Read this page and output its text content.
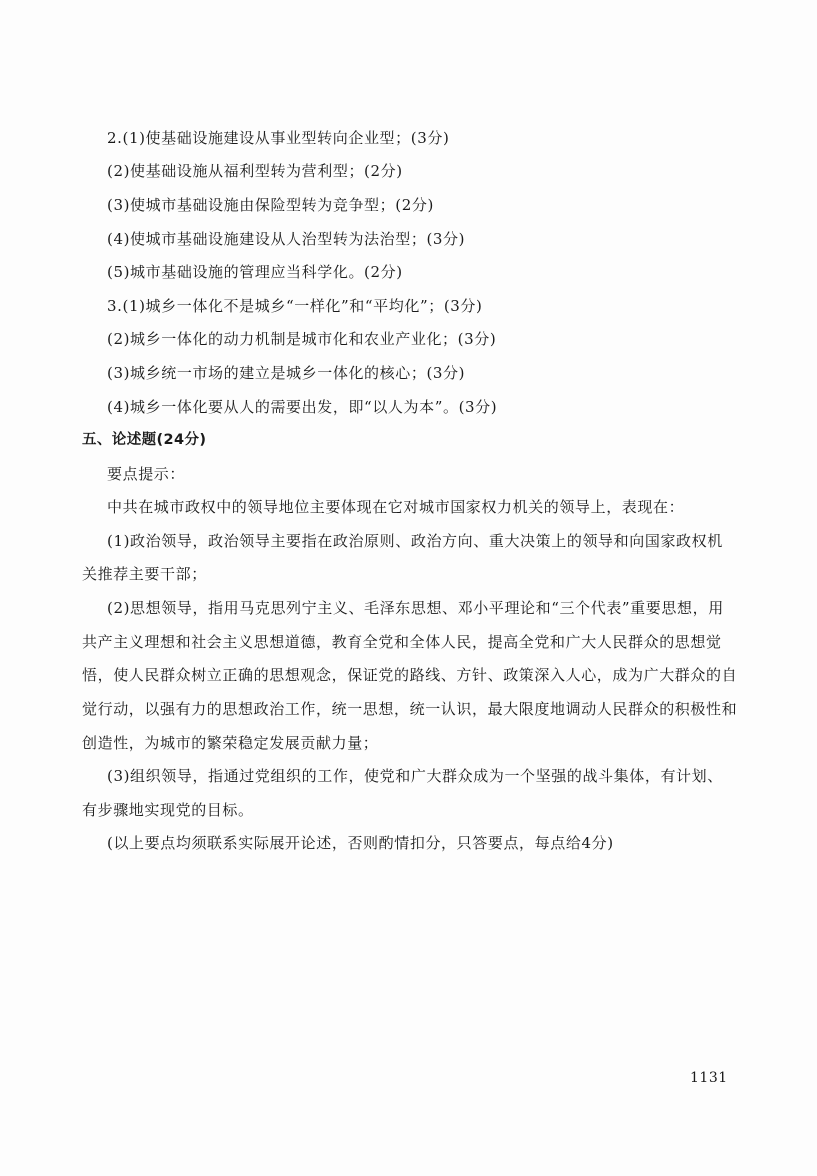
2.(1)使基础设施建设从事业型转向企业型；(3分)
(2)使基础设施从福利型转为营利型；(2分)
(3)使城市基础设施由保险型转为竞争型；(2分)
(4)使城市基础设施建设从人治型转为法治型；(3分)
(5)城市基础设施的管理应当科学化。(2分)
3.(1)城乡一体化不是城乡“一样化”和“平均化”；(3分)
(2)城乡一体化的动力机制是城市化和农业产业化；(3分)
(3)城乡统一市场的建立是城乡一体化的核心；(3分)
(4)城乡一体化要从人的需要出发，即“以人为本”。(3分)
五、论述题(24分)
要点提示：
中共在城市政权中的领导地位主要体现在它对城市国家权力机关的领导上，表现在：
(1)政治领导，政治领导主要指在政治原则、政治方向、重大决策上的领导和向国家政权机
关推荐主要干部；
(2)思想领导，指用马克思列宁主义、毛泽东思想、邓小平理论和“三个代表”重要思想，用
共产主义理想和社会主义思想道德，教育全党和全体人民，提高全党和广大人民群众的思想觉
悟，使人民群众树立正确的思想观念，保证党的路线、方针、政策深入人心，成为广大群众的自
觉行动，以强有力的思想政治工作，统一思想，统一认识，最大限度地调动人民群众的积极性和
创造性，为城市的繁荣稳定发展贡献力量；
(3)组织领导，指通过党组织的工作，使党和广大群众成为一个坚强的战斗集体，有计划、
有步骤地实现党的目标。
(以上要点均须联系实际展开论述，否则酌情扣分，只答要点，每点给4分)
1131
